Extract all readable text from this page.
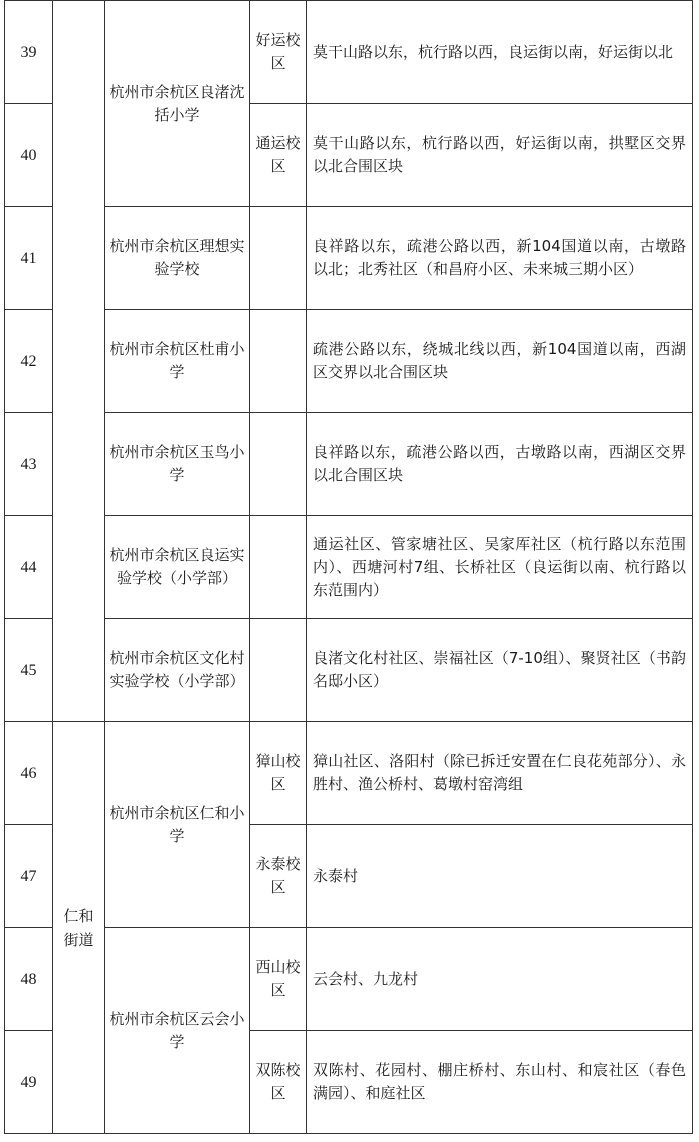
39		杭州市余杭区良渚沈括小学	好运校区	莫干山路以东，杭行路以西，良运街以南，好运街以北
40			通运校区	莫干山路以东，杭行路以西，好运街以南，拱墅区交界以北合围区块
41		杭州市余杭区理想实验学校		良祥路以东，疏港公路以西，新104国道以南，古墩路以北；北秀社区（和昌府小区、未来城三期小区）
42		杭州市余杭区杜甫小学		疏港公路以东，绕城北线以西，新104国道以南，西湖区交界以北合围区块
43		杭州市余杭区玉鸟小学		良祥路以东，疏港公路以西，古墩路以南，西湖区交界以北合围区块
44		杭州市余杭区良运实验学校（小学部）		通运社区、管家塘社区、吴家厍社区（杭行路以东范围内）、西塘河村7组、长桥社区（良运街以南、杭行路以东范围内）
45		杭州市余杭区文化村实验学校（小学部）		良渚文化村社区、崇福社区（7-10组）、聚贤社区（书韵名邸小区）
46	仁和街道	杭州市余杭区仁和小学	獐山校区	獐山社区、洛阳村（除已拆迁安置在仁良花苑部分）、永胜村、渔公桥村、葛墩村窑湾组
47			永泰校区	永泰村
48		杭州市余杭区云会小学	西山校区	云会村、九龙村
49			双陈校区	双陈村、花园村、棚庄桥村、东山村、和宸社区（春色满园）、和庭社区
